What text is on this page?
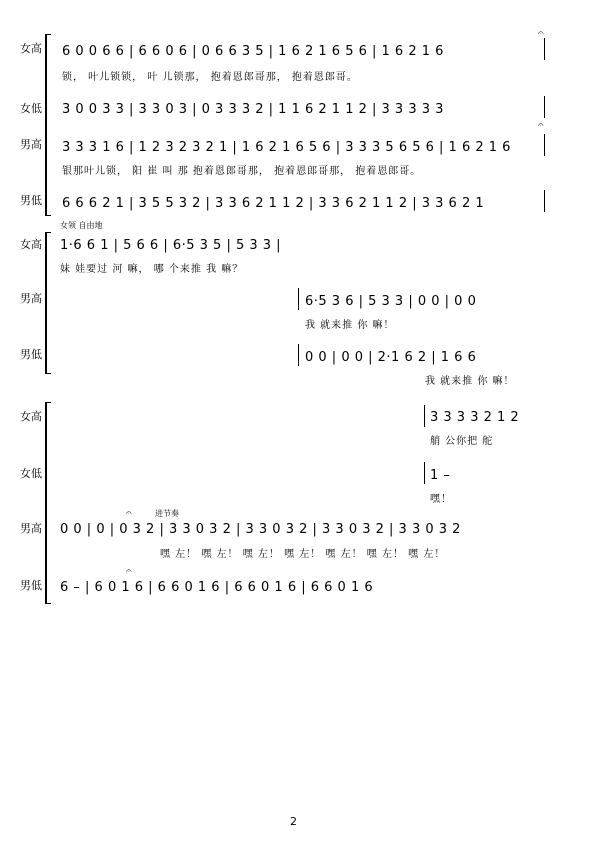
女高 6 0 0 6 6 | 6 6 0 6 | 0 6 6 3 5 | 1 6 2 1 6 5 6 | 1 6 2 1 6
锁， 叶儿锁锁， 叶 儿锁那， 抱着恩郎哥那， 抱着恩郎哥。
女低 3 0 0 3 3 | 3 3 0 3 | 0 3 3 3 2 | 1 1 6 2 1 1 2 | 3 3 3 3 3
男高 3 3 3 1 6 | 1 2 3 2 3 2 1 | 1 6 2 1 6 5 6 | 3 3 3 5 6 5 6 | 1 6 2 1 6
银那叶儿锁， 阳 崔 叫 那 抱着恩郎哥那， 抱着恩郎哥那， 抱着恩郎哥。
男低 6 6 6 2 1 | 3 5 5 3 2 | 3 3 6 2 1 1 2 | 3 3 6 2 1 1 2 | 3 3 6 2 1
𝄐
𝄐
女领 自由地
女高 1·6 6 1 | 5 6 6 | 6·5 3 5 | 5 3 3 |
妹 娃要过 河 嘛， 哪 个来推 我 嘛？
男高	6·5 3 6 | 5 3 3 | 0 0 | 0 0
我 就来推 你 嘛！
男低	0 0 | 0 0 | 2·1 6 2 | 1 6 6
我 就来推 你 嘛！
女高	3 3 3 3 2 1 2
艄 公你把 舵
女低	1 –
嘿！
进节奏
男高 0 0 | 0 | 0 3 2 | 3 3 0 3 2 | 3 3 0 3 2 | 3 3 0 3 2 | 3 3 0 3 2
嘿 左！ 嘿 左！ 嘿 左！ 嘿 左！ 嘿 左！ 嘿 左！ 嘿 左！
男低 6 – | 6 0 1 6 | 6 6 0 1 6 | 6 6 0 1 6 | 6 6 0 1 6
𝄐
𝄐
2
